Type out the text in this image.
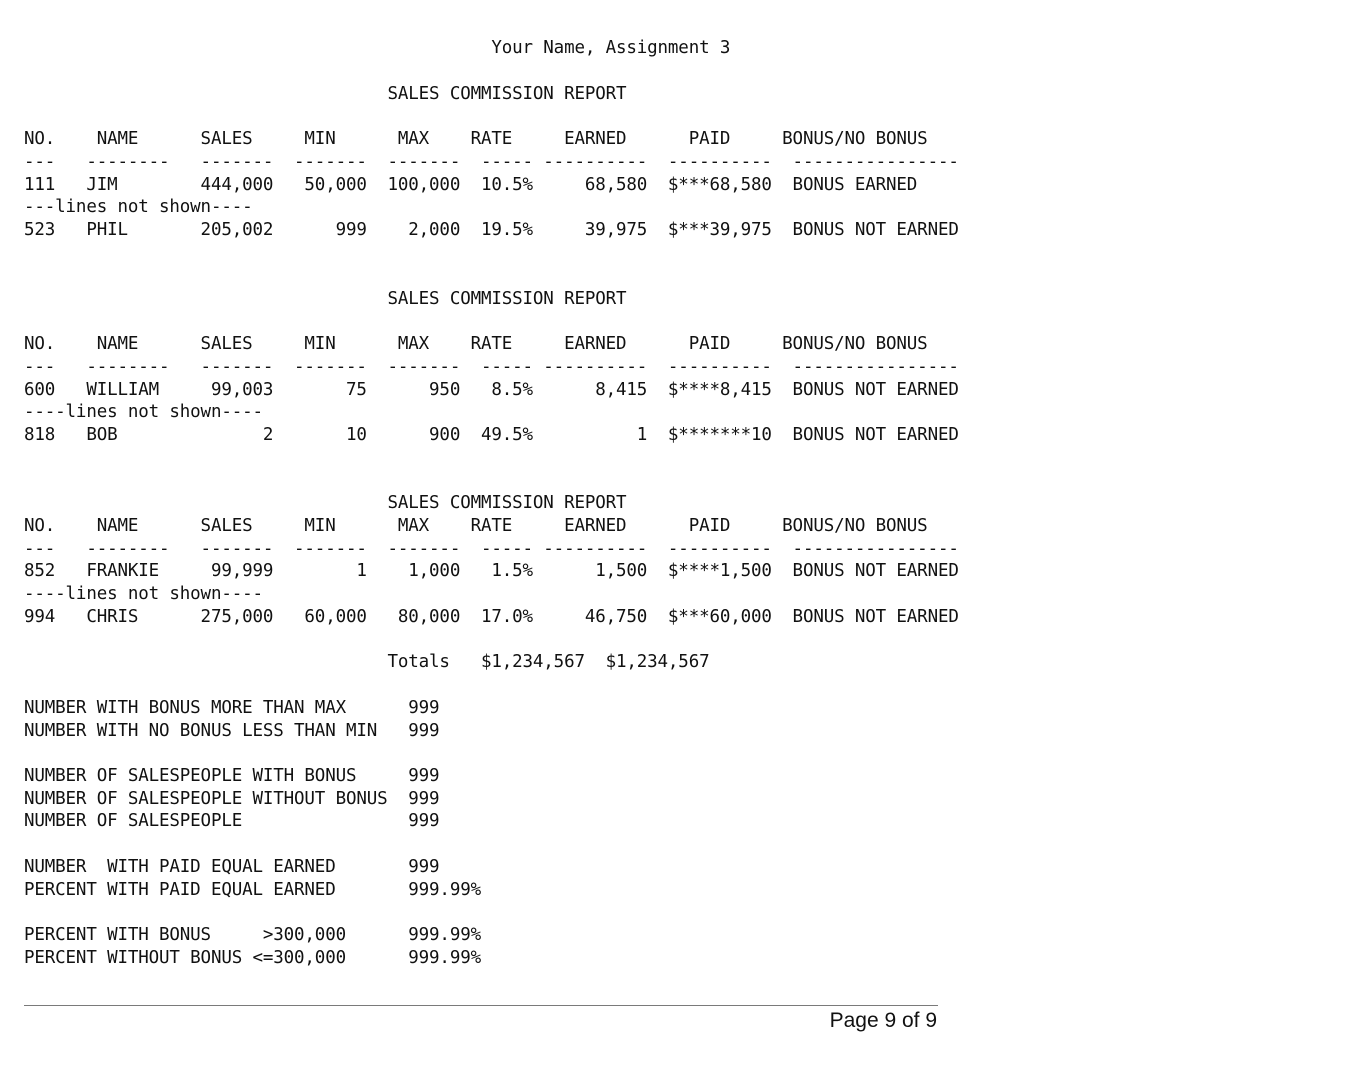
Your Name, Assignment 3
SALES COMMISSION REPORT
NO.    NAME      SALES     MIN      MAX    RATE     EARNED      PAID     BONUS/NO BONUS
---   --------   -------  -------  -------  ----- ----------  ----------  ----------------
111   JIM        444,000   50,000  100,000  10.5%     68,580  $***68,580  BONUS EARNED
---lines not shown----
523   PHIL       205,002      999    2,000  19.5%     39,975  $***39,975  BONUS NOT EARNED
SALES COMMISSION REPORT
NO.    NAME      SALES     MIN      MAX    RATE     EARNED      PAID     BONUS/NO BONUS
---   --------   -------  -------  -------  ----- ----------  ----------  ----------------
600   WILLIAM     99,003       75      950   8.5%      8,415  $****8,415  BONUS NOT EARNED
----lines not shown----
818   BOB              2       10      900  49.5%          1  $*******10  BONUS NOT EARNED
SALES COMMISSION REPORT
NO.    NAME      SALES     MIN      MAX    RATE     EARNED      PAID     BONUS/NO BONUS
---   --------   -------  -------  -------  ----- ----------  ----------  ----------------
852   FRANKIE     99,999        1    1,000   1.5%      1,500  $****1,500  BONUS NOT EARNED
----lines not shown----
994   CHRIS      275,000   60,000   80,000  17.0%     46,750  $***60,000  BONUS NOT EARNED
Totals   $1,234,567  $1,234,567
NUMBER WITH BONUS MORE THAN MAX      999
NUMBER WITH NO BONUS LESS THAN MIN   999
NUMBER OF SALESPEOPLE WITH BONUS     999
NUMBER OF SALESPEOPLE WITHOUT BONUS  999
NUMBER OF SALESPEOPLE                999
NUMBER  WITH PAID EQUAL EARNED       999
PERCENT WITH PAID EQUAL EARNED       999.99%
PERCENT WITH BONUS     >300,000      999.99%
PERCENT WITHOUT BONUS <=300,000      999.99%
Page 9 of 9
